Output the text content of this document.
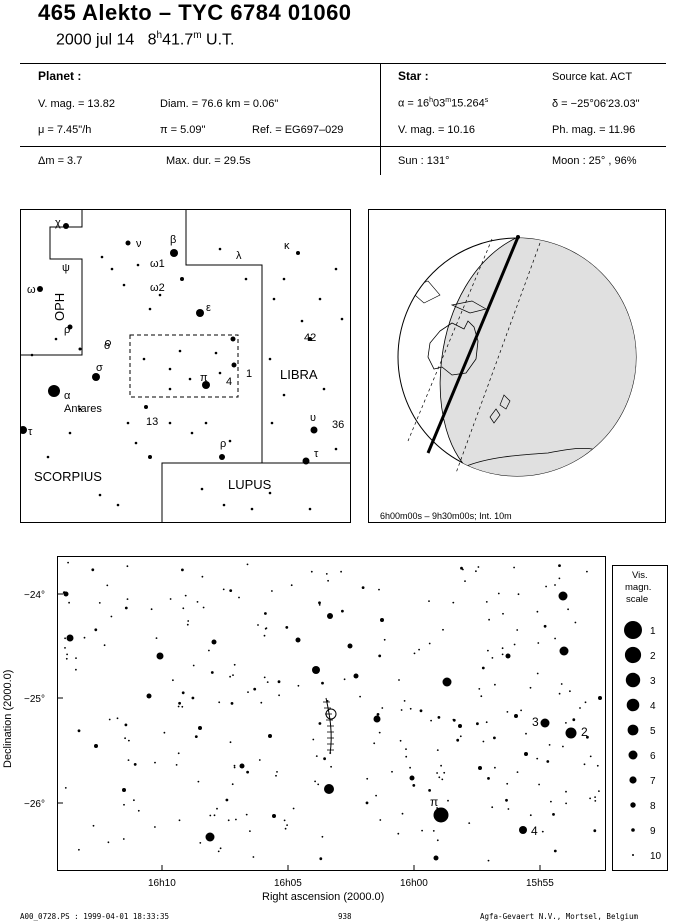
465 Alekto – TYC 6784 01060
2000 jul 14 8$^h$41.7$^m$ U.T.
Planet :
V. mag. = 13.82	Diam. = 76.6 km = 0.06"
μ = 7.45"/h	π = 5.09"	Ref. = EG697–029
Star :	Source kat. ACT
$\alpha = 16^h03^m15.264^s$	δ = −25°06'23.03"
V. mag. = 10.16	Ph. mag. = 11.96
Δm = 3.7	Max. dur. = 29.5s	Sun : 131°	Moon : 25° , 96%
χ
ψ
ω
ρ
OPH
ν	β
ω1
ω2
λ
κ
ε
42
LIBRA
o
σ
α
Antares
π 4
1
τ
13	υ
36
ρ
τ
SCORPIUS
LUPUS
6h00m00s – 9h30m00s; Int. 10m
−24°
−25°
−26°
16h10	16h05	16h00	15h55
Right ascension (2000.0)
Declination (2000.0)	3
2
π
4
Vis.
magn.
scale
1
2
3
4
5
6
7
8
9
10
A00_0728.PS : 1999-04-01 18:33:35	938	Agfa-Gevaert N.V., Mortsel, Belgium
